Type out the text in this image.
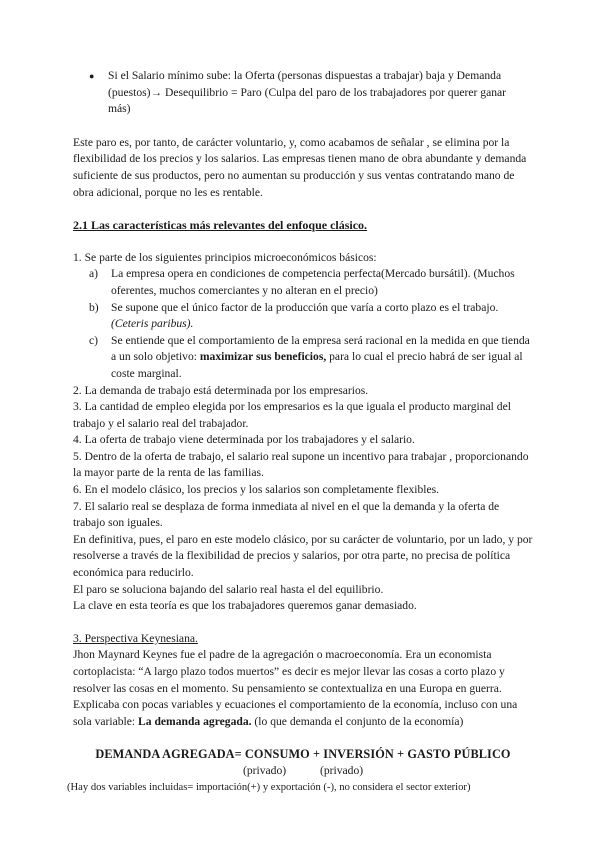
●	Si el Salario mínimo sube: la Oferta (personas dispuestas a trabajar) baja y Demanda (puestos)→ Desequilibrio = Paro (Culpa del paro de los trabajadores por querer ganar más)

Este paro es, por tanto, de carácter voluntario, y, como acabamos de señalar , se elimina por la flexibilidad de los precios y los salarios. Las empresas tienen mano de obra abundante y demanda suficiente de sus productos, pero no aumentan su producción y sus ventas contratando mano de obra adicional, porque no les es rentable.

2.1 Las características más relevantes del enfoque clásico.

1. Se parte de los siguientes principios microeconómicos básicos:

a)	La empresa opera en condiciones de competencia perfecta(Mercado bursátil). (Muchos oferentes, muchos comerciantes y no alteran en el precio)
b)	Se supone que el único factor de la producción que varía a corto plazo es el trabajo. (Ceteris paribus).
c)	Se entiende que el comportamiento de la empresa será racional en la medida en que tienda a un solo objetivo: maximizar sus beneficios, para lo cual el precio habrá de ser igual al coste marginal.

2. La demanda de trabajo está determinada por los empresarios.

3. La cantidad de empleo elegida por los empresarios es la que iguala el producto marginal del trabajo y el salario real del trabajador.

4. La oferta de trabajo viene determinada por los trabajadores y el salario.

5. Dentro de la oferta de trabajo, el salario real supone un incentivo para trabajar , proporcionando la mayor parte de la renta de las familias.

6. En el modelo clásico, los precios y los salarios son completamente flexibles.

7. El salario real se desplaza de forma inmediata al nivel en el que la demanda y la oferta de trabajo son iguales.

En definitiva, pues, el paro en este modelo clásico, por su carácter de voluntario, por un lado, y por resolverse a través de la flexibilidad de precios y salarios, por otra parte, no precisa de política económica para reducirlo.

El paro se soluciona bajando del salario real hasta el del equilibrio.

La clave en esta teoría es que los trabajadores queremos ganar demasiado.

3. Perspectiva Keynesiana.

Jhon Maynard Keynes fue el padre de la agregación o macroeconomía. Era un economista cortoplacista: “A largo plazo todos muertos” es decir es mejor llevar las cosas a corto plazo y resolver las cosas en el momento. Su pensamiento se contextualiza en una Europa en guerra. Explicaba con pocas variables y ecuaciones el comportamiento de la economía, incluso con una sola variable: La demanda agregada. (lo que demanda el conjunto de la economía)

DEMANDA AGREGADA= CONSUMO + INVERSIÓN + GASTO PÚBLICO

(privado)	(privado)

(Hay dos variables incluidas= importación(+) y exportación (-), no considera el sector exterior)
